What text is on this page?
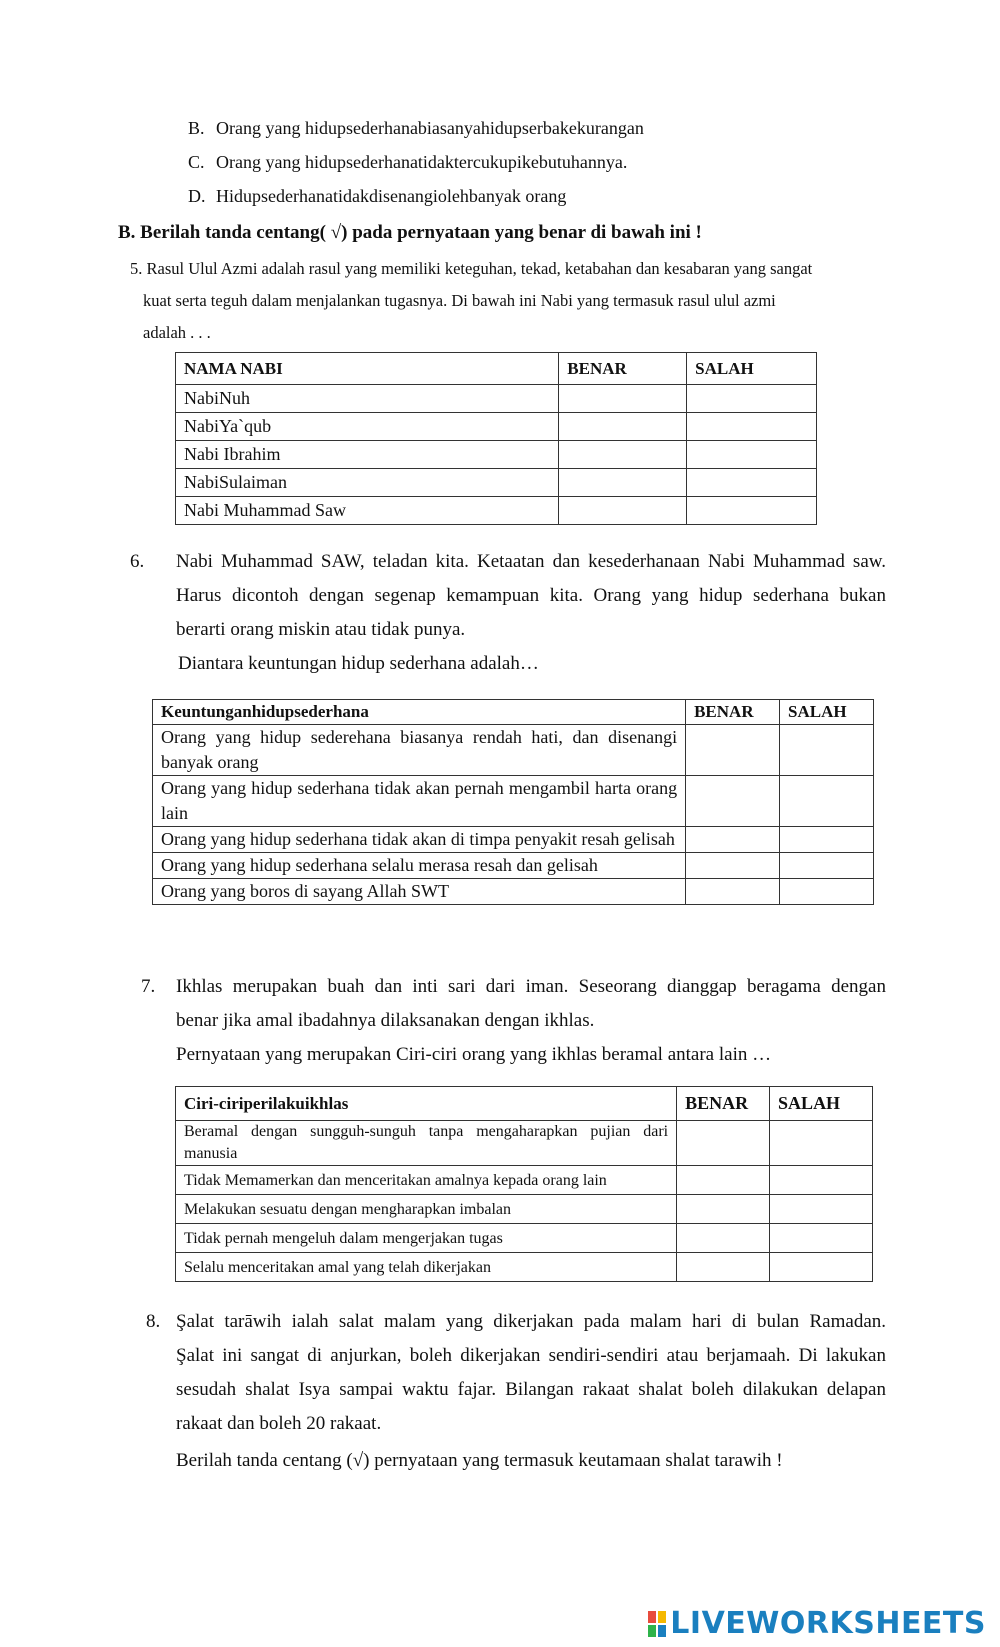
B. Orang yang hidupsederhanabiasanyahidupserbakekurangan
C. Orang yang hidupsederhanatidaktercukupikebutuhannya.
D. Hidupsederhanatidakdisenangiolehbanyak orang
B. Berilah tanda centang( √) pada pernyataan yang benar di bawah ini !
5. Rasul Ulul Azmi adalah rasul yang memiliki keteguhan, tekad, ketabahan dan kesabaran yang sangat
kuat serta teguh dalam menjalankan tugasnya. Di bawah ini Nabi yang termasuk rasul ulul azmi
adalah . . .
NAMA NABI	BENAR	SALAH
NabiNuh		
NabiYa`qub		
Nabi Ibrahim		
NabiSulaiman		
Nabi Muhammad Saw		
6. Nabi Muhammad SAW, teladan kita. Ketaatan dan kesederhanaan Nabi Muhammad saw.
Harus dicontoh dengan segenap kemampuan kita. Orang yang hidup sederhana bukan
berarti orang miskin atau tidak punya.
Diantara keuntungan hidup sederhana adalah…
Keuntunganhidupsederhana	BENAR	SALAH
Orang yang hidup sederehana biasanya rendah hati, dan disenangi banyak orang		
Orang yang hidup sederhana tidak akan pernah mengambil harta orang lain		
Orang yang hidup sederhana tidak akan di timpa penyakit resah gelisah		
Orang yang hidup sederhana selalu merasa resah dan gelisah		
Orang yang boros di sayang Allah SWT		
7. Ikhlas merupakan buah dan inti sari dari iman. Seseorang dianggap beragama dengan
benar jika amal ibadahnya dilaksanakan dengan ikhlas.
Pernyataan yang merupakan Ciri-ciri orang yang ikhlas beramal antara lain …
Ciri-ciriperilakuikhlas	BENAR	SALAH
Beramal dengan sungguh-sunguh tanpa mengaharapkan pujian dari manusia		
Tidak Memamerkan dan menceritakan amalnya kepada orang lain		
Melakukan sesuatu dengan mengharapkan imbalan		
Tidak pernah mengeluh dalam mengerjakan tugas		
Selalu menceritakan amal yang telah dikerjakan		
8. Şalat tarāwih ialah salat malam yang dikerjakan pada malam hari di bulan Ramadan.
Şalat ini sangat di anjurkan, boleh dikerjakan sendiri-sendiri atau berjamaah. Di lakukan
sesudah shalat Isya sampai waktu fajar. Bilangan rakaat shalat boleh dilakukan delapan
rakaat dan boleh 20 rakaat.
Berilah tanda centang (√) pernyataan yang termasuk keutamaan shalat tarawih !
LIVEWORKSHEETS
